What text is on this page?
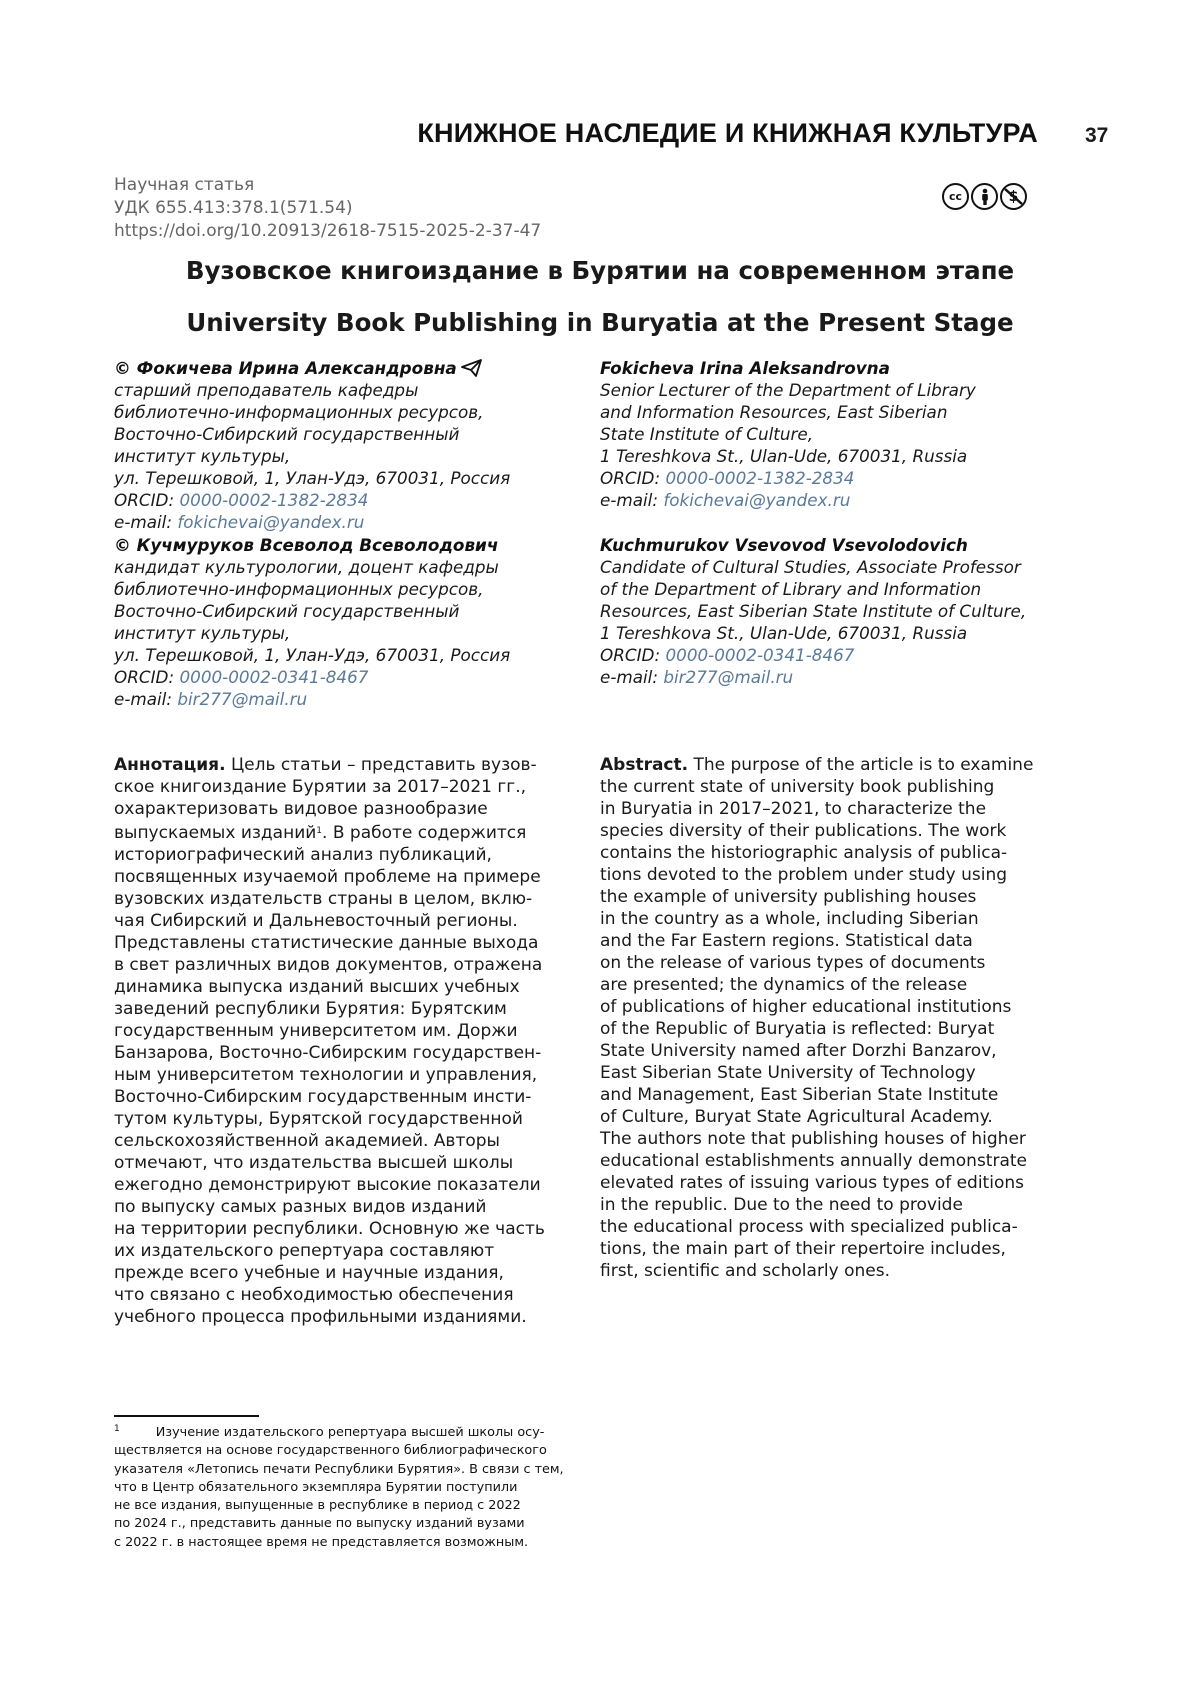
КНИЖНОЕ НАСЛЕДИЕ И КНИЖНАЯ КУЛЬТУРА 37
Научная статья
УДК 655.413:378.1(571.54)
https://doi.org/10.20913/2618-7515-2025-2-37-47
cc
Вузовское книгоиздание в Бурятии на современном этапе
University Book Publishing in Buryatia at the Present Stage
© Фокичева Ирина Александровна
старший преподаватель кафедры
библиотечно-информационных ресурсов,
Восточно-Сибирский государственный
институт культуры,
ул. Терешковой, 1, Улан-Удэ, 670031, Россия
ORCID: 0000-0002-1382-2834
e-mail: fokichevai@yandex.ru
© Кучмуруков Всеволод Всеволодович
кандидат культурологии, доцент кафедры
библиотечно-информационных ресурсов,
Восточно-Сибирский государственный
институт культуры,
ул. Терешковой, 1, Улан-Удэ, 670031, Россия
ORCID: 0000-0002-0341-8467
e-mail: bir277@mail.ru
Fokicheva Irina Aleksandrovna
Senior Lecturer of the Department of Library
and Information Resources, East Siberian
State Institute of Culture,
1 Tereshkova St., Ulan-Ude, 670031, Russia
ORCID: 0000-0002-1382-2834
e-mail: fokichevai@yandex.ru
Kuchmurukov Vsevovod Vsevolodovich
Candidate of Cultural Studies, Associate Professor
of the Department of Library and Information
Resources, East Siberian State Institute of Culture,
1 Tereshkova St., Ulan-Ude, 670031, Russia
ORCID: 0000-0002-0341-8467
e-mail: bir277@mail.ru
Аннотация. Цель статьи – представить вузов-
ское книгоиздание Бурятии за 2017–2021 гг.,
охарактеризовать видовое разнообразие
выпускаемых изданий1. В работе содержится
историографический анализ публикаций,
посвященных изучаемой проблеме на примере
вузовских издательств страны в целом, вклю-
чая Сибирский и Дальневосточный регионы.
Представлены статистические данные выхода
в свет различных видов документов, отражена
динамика выпуска изданий высших учебных
заведений республики Бурятия: Бурятским
государственным университетом им. Доржи
Банзарова, Восточно-Сибирским государствен-
ным университетом технологии и управления,
Восточно-Сибирским государственным инсти-
тутом культуры, Бурятской государственной
сельскохозяйственной академией. Авторы
отмечают, что издательства высшей школы
ежегодно демонстрируют высокие показатели
по выпуску самых разных видов изданий
на территории республики. Основную же часть
их издательского репертуара составляют
прежде всего учебные и научные издания,
что связано с необходимостью обеспечения
учебного процесса профильными изданиями.
Abstract. The purpose of the article is to examine
the current state of university book publishing
in Buryatia in 2017–2021, to characterize the
species diversity of their publications. The work
contains the historiographic analysis of publica-
tions devoted to the problem under study using
the example of university publishing houses
in the country as a whole, including Siberian
and the Far Eastern regions. Statistical data
on the release of various types of documents
are presented; the dynamics of the release
of publications of higher educational institutions
of the Republic of Buryatia is reflected: Buryat
State University named after Dorzhi Banzarov,
East Siberian State University of Technology
and Management, East Siberian State Institute
of Culture, Buryat State Agricultural Academy.
The authors note that publishing houses of higher
educational establishments annually demonstrate
elevated rates of issuing various types of editions
in the republic. Due to the need to provide
the educational process with specialized publica-
tions, the main part of their repertoire includes,
first, scientific and scholarly ones.
1	Изучение издательского репертуара высшей школы осу-
ществляется на основе государственного библиографического
указателя «Летопись печати Республики Бурятия». В связи с тем,
что в Центр обязательного экземпляра Бурятии поступили
не все издания, выпущенные в республике в период с 2022
по 2024 г., представить данные по выпуску изданий вузами
с 2022 г. в настоящее время не представляется возможным.
